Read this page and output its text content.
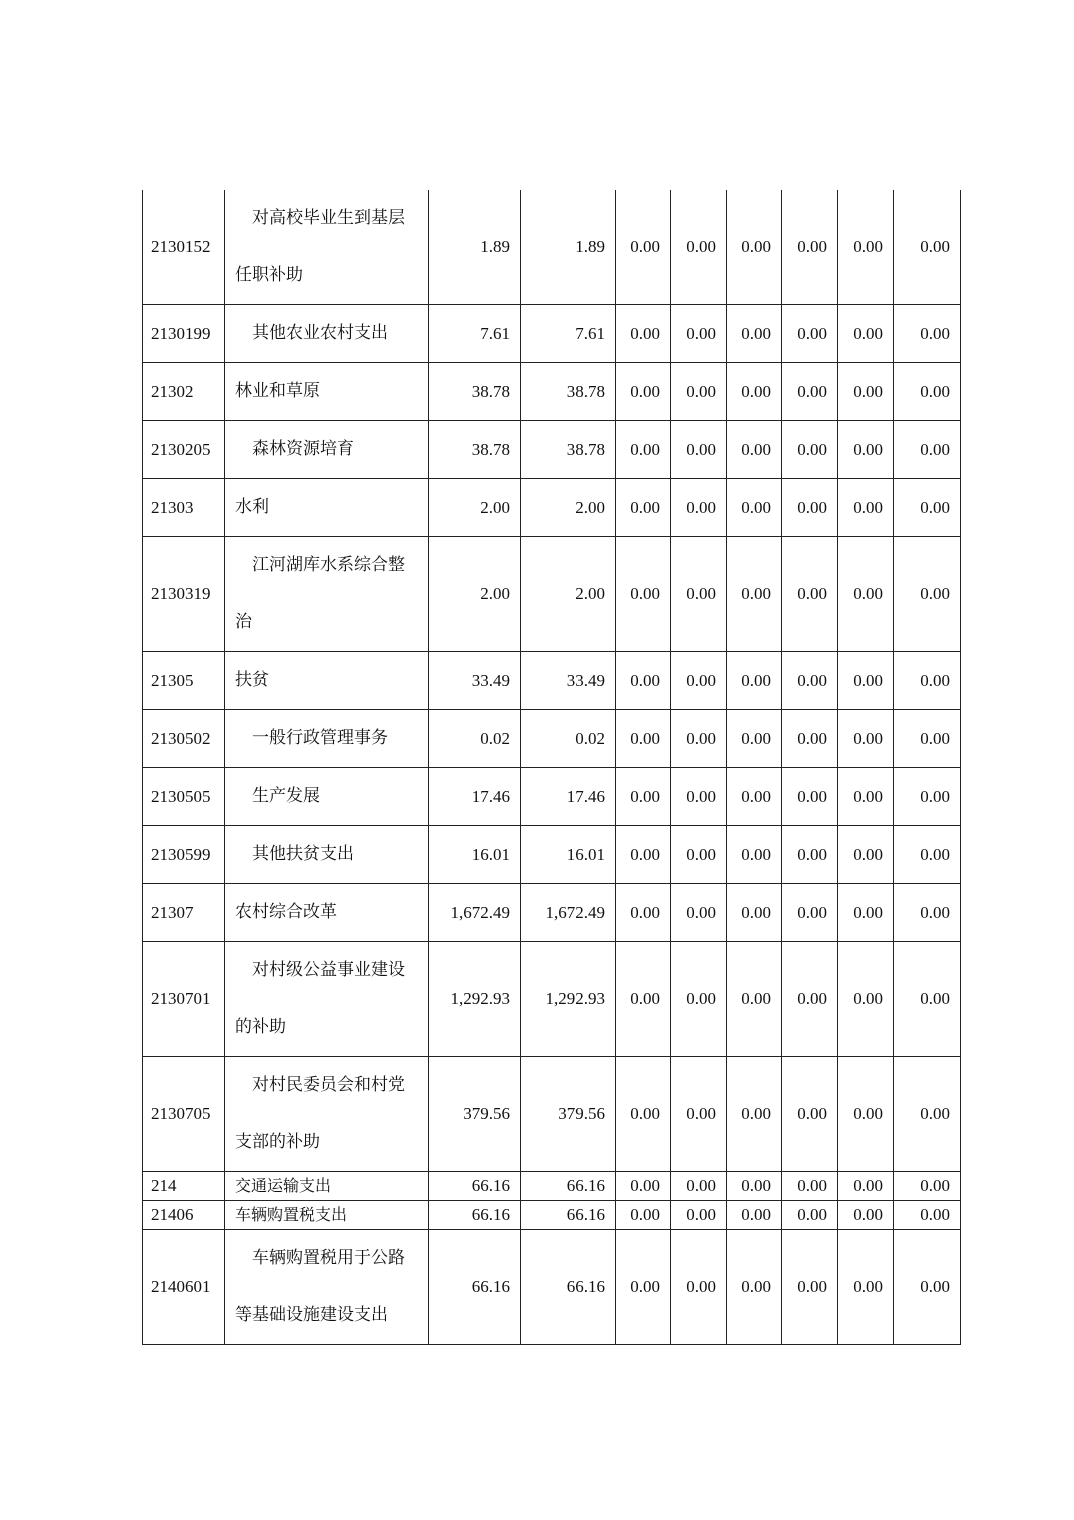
2130152	对高校毕业生到基层任职补助	1.89	1.89	0.00	0.00	0.00	0.00	0.00	0.00
2130199	其他农业农村支出	7.61	7.61	0.00	0.00	0.00	0.00	0.00	0.00
21302	林业和草原	38.78	38.78	0.00	0.00	0.00	0.00	0.00	0.00
2130205	森林资源培育	38.78	38.78	0.00	0.00	0.00	0.00	0.00	0.00
21303	水利	2.00	2.00	0.00	0.00	0.00	0.00	0.00	0.00
2130319	江河湖库水系综合整治	2.00	2.00	0.00	0.00	0.00	0.00	0.00	0.00
21305	扶贫	33.49	33.49	0.00	0.00	0.00	0.00	0.00	0.00
2130502	一般行政管理事务	0.02	0.02	0.00	0.00	0.00	0.00	0.00	0.00
2130505	生产发展	17.46	17.46	0.00	0.00	0.00	0.00	0.00	0.00
2130599	其他扶贫支出	16.01	16.01	0.00	0.00	0.00	0.00	0.00	0.00
21307	农村综合改革	1,672.49	1,672.49	0.00	0.00	0.00	0.00	0.00	0.00
2130701	对村级公益事业建设的补助	1,292.93	1,292.93	0.00	0.00	0.00	0.00	0.00	0.00
2130705	对村民委员会和村党支部的补助	379.56	379.56	0.00	0.00	0.00	0.00	0.00	0.00
214	交通运输支出	66.16	66.16	0.00	0.00	0.00	0.00	0.00	0.00
21406	车辆购置税支出	66.16	66.16	0.00	0.00	0.00	0.00	0.00	0.00
2140601	车辆购置税用于公路等基础设施建设支出	66.16	66.16	0.00	0.00	0.00	0.00	0.00	0.00
